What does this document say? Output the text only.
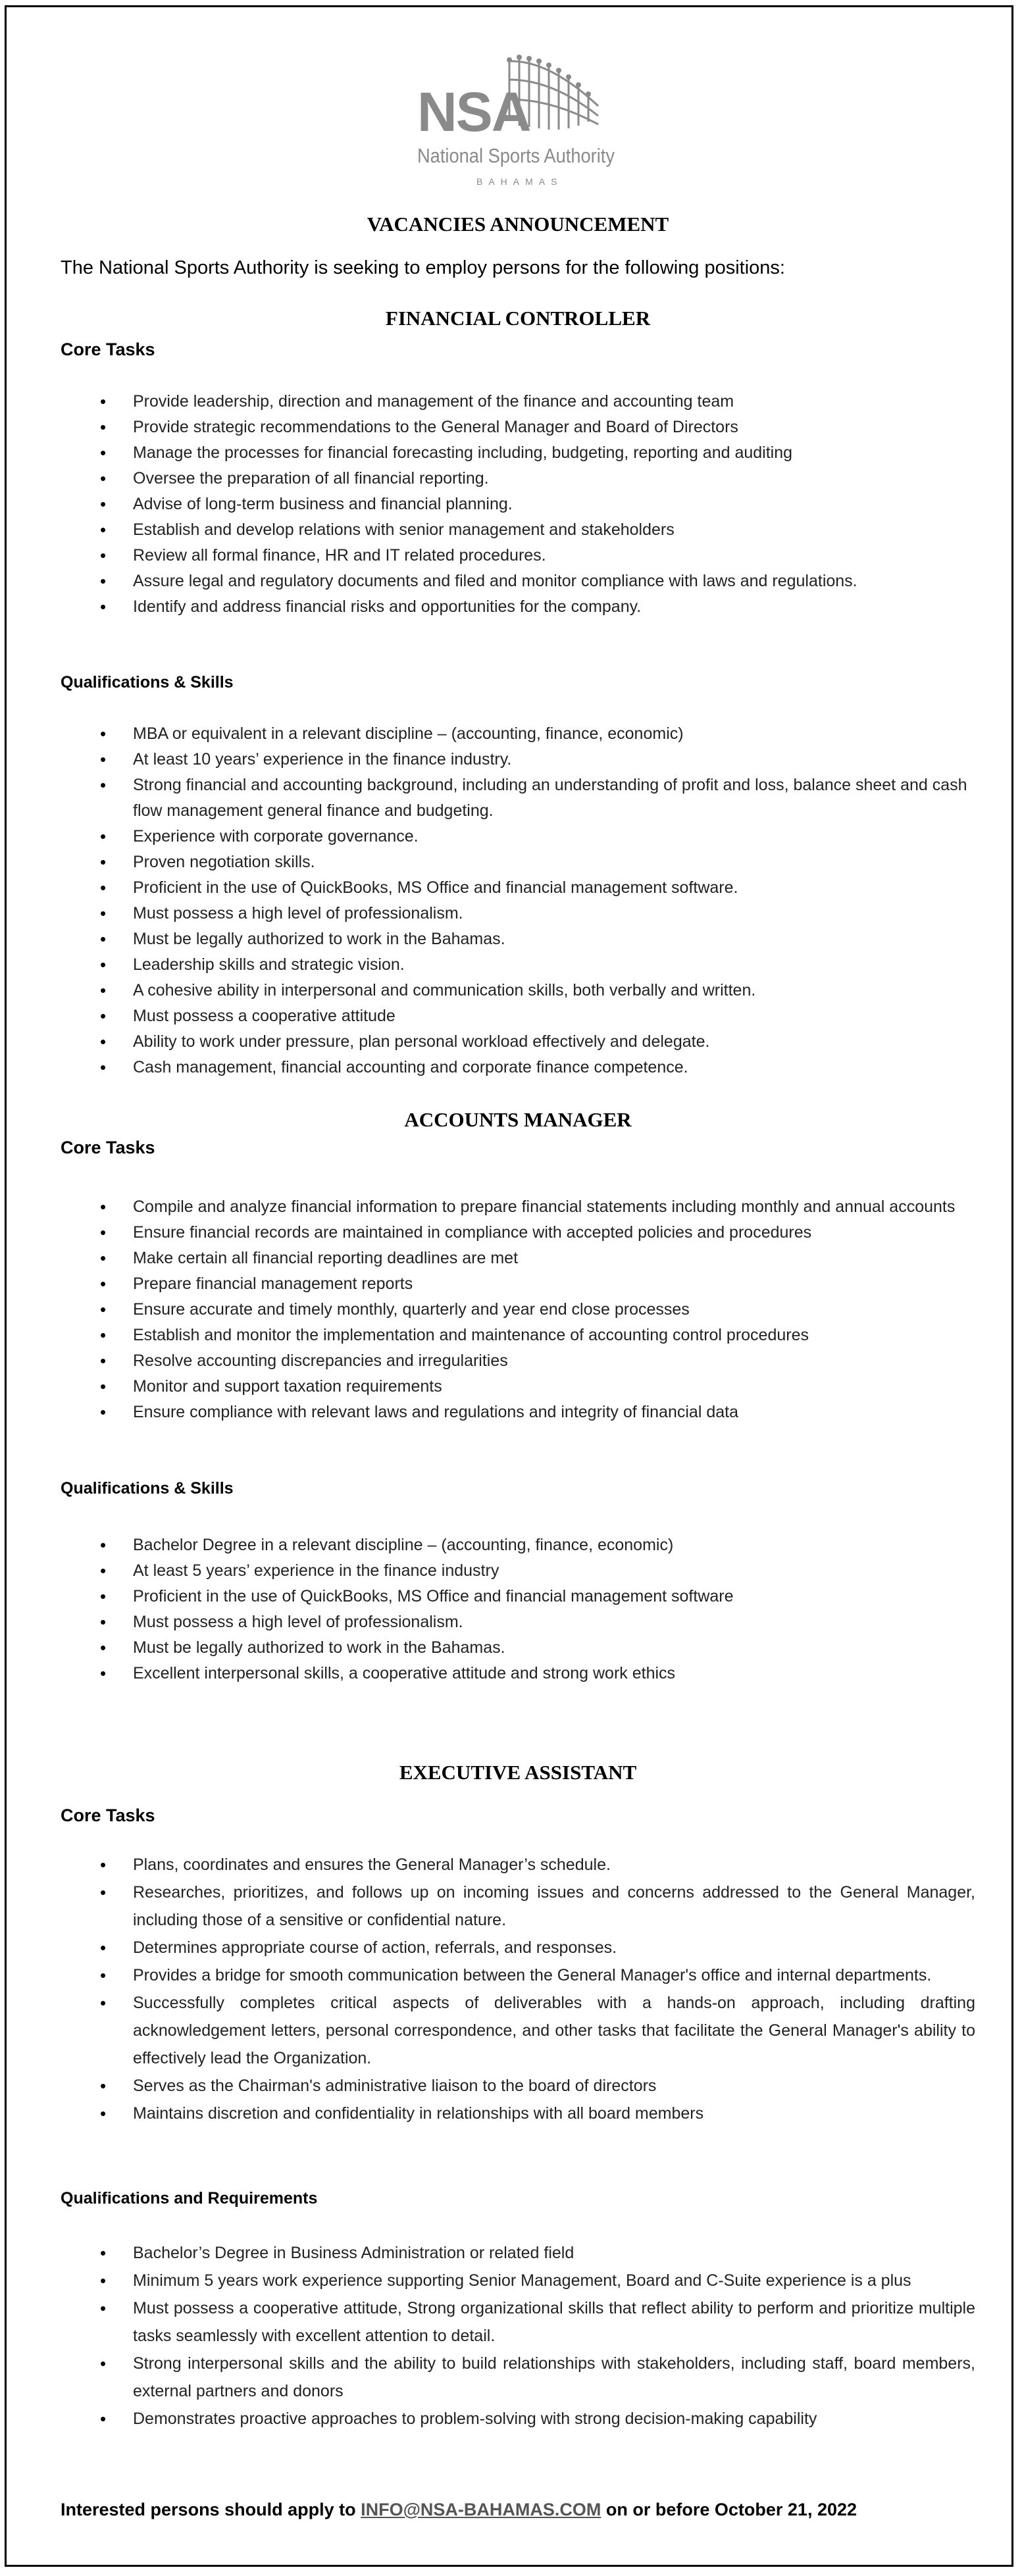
NSA
National Sports Authority
BAHAMAS
VACANCIES ANNOUNCEMENT
The National Sports Authority is seeking to employ persons for the following positions:
FINANCIAL CONTROLLER
Core Tasks
• Provide leadership, direction and management of the finance and accounting team
• Provide strategic recommendations to the General Manager and Board of Directors
• Manage the processes for financial forecasting including, budgeting, reporting and auditing
• Oversee the preparation of all financial reporting.
• Advise of long-term business and financial planning.
• Establish and develop relations with senior management and stakeholders
• Review all formal finance, HR and IT related procedures.
• Assure legal and regulatory documents and filed and monitor compliance with laws and regulations.
• Identify and address financial risks and opportunities for the company.
Qualifications & Skills
• MBA or equivalent in a relevant discipline – (accounting, finance, economic)
• At least 10 years’ experience in the finance industry.
• Strong financial and accounting background, including an understanding of profit and loss, balance sheet and cash flow management general finance and budgeting.
• Experience with corporate governance.
• Proven negotiation skills.
• Proficient in the use of QuickBooks, MS Office and financial management software.
• Must possess a high level of professionalism.
• Must be legally authorized to work in the Bahamas.
• Leadership skills and strategic vision.
• A cohesive ability in interpersonal and communication skills, both verbally and written.
• Must possess a cooperative attitude
• Ability to work under pressure, plan personal workload effectively and delegate.
• Cash management, financial accounting and corporate finance competence.
ACCOUNTS MANAGER
Core Tasks
• Compile and analyze financial information to prepare financial statements including monthly and annual accounts
• Ensure financial records are maintained in compliance with accepted policies and procedures
• Make certain all financial reporting deadlines are met
• Prepare financial management reports
• Ensure accurate and timely monthly, quarterly and year end close processes
• Establish and monitor the implementation and maintenance of accounting control procedures
• Resolve accounting discrepancies and irregularities
• Monitor and support taxation requirements
• Ensure compliance with relevant laws and regulations and integrity of financial data
Qualifications & Skills
• Bachelor Degree in a relevant discipline – (accounting, finance, economic)
• At least 5 years’ experience in the finance industry
• Proficient in the use of QuickBooks, MS Office and financial management software
• Must possess a high level of professionalism.
• Must be legally authorized to work in the Bahamas.
• Excellent interpersonal skills, a cooperative attitude and strong work ethics
EXECUTIVE ASSISTANT
Core Tasks
• Plans, coordinates and ensures the General Manager’s schedule.
• Researches, prioritizes, and follows up on incoming issues and concerns addressed to the General Manager, including those of a sensitive or confidential nature.
• Determines appropriate course of action, referrals, and responses.
• Provides a bridge for smooth communication between the General Manager's office and internal departments.
• Successfully completes critical aspects of deliverables with a hands-on approach, including drafting acknowledgement letters, personal correspondence, and other tasks that facilitate the General Manager's ability to effectively lead the Organization.
• Serves as the Chairman's administrative liaison to the board of directors
• Maintains discretion and confidentiality in relationships with all board members
Qualifications and Requirements
• Bachelor’s Degree in Business Administration or related field
• Minimum 5 years work experience supporting Senior Management, Board and C-Suite experience is a plus
• Must possess a cooperative attitude, Strong organizational skills that reflect ability to perform and prioritize multiple tasks seamlessly with excellent attention to detail.
• Strong interpersonal skills and the ability to build relationships with stakeholders, including staff, board members, external partners and donors
• Demonstrates proactive approaches to problem-solving with strong decision-making capability
Interested persons should apply to INFO@NSA-BAHAMAS.COM on or before October 21, 2022
